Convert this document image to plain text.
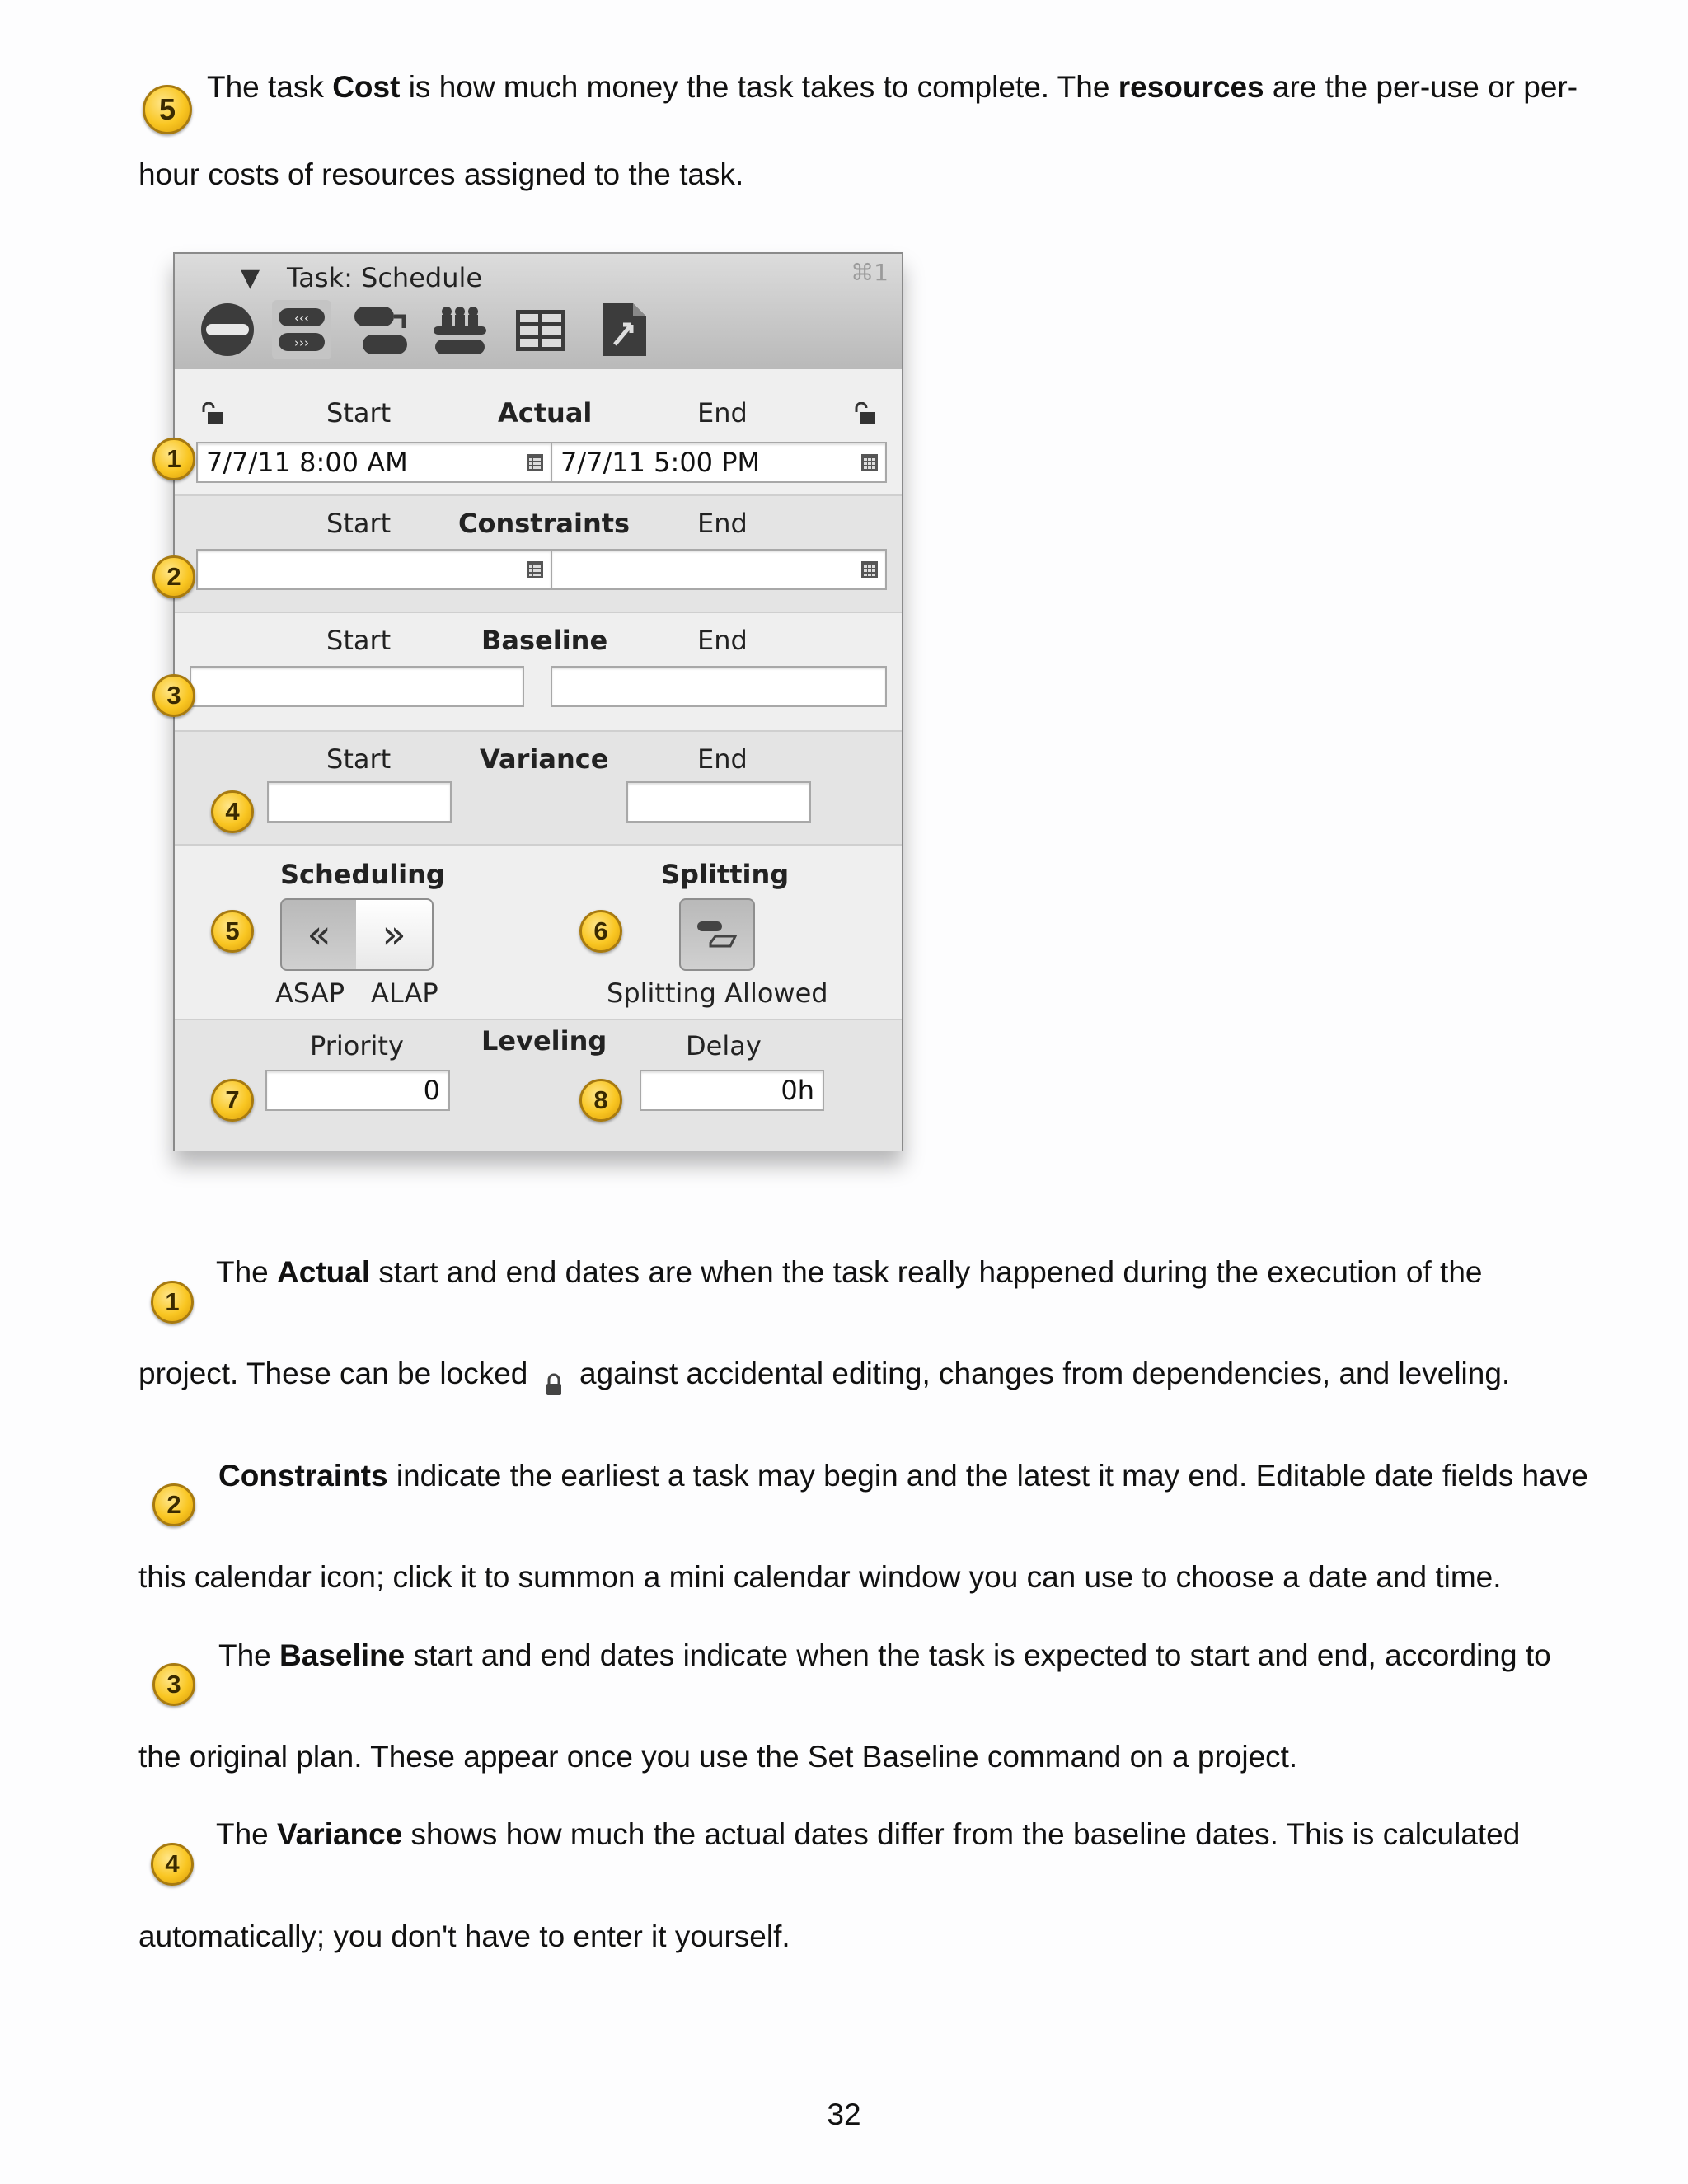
5
The task Cost is how much money the task takes to complete. The resources are the per-use or per-
hour costs of resources assigned to the task.
▼ Task: Schedule	⌘1
‹‹‹
›››
Start	Actual	End
7/7/11 8:00 AM	7/7/11 5:00 PM
Start	Constraints	End
Start	Baseline	End
Start	Variance	End
Scheduling
«	»
ASAP ALAP
Splitting
Splitting Allowed
Priority	Leveling	Delay
0	0h
1
2
3
4
5	6
7	8
1
The Actual start and end dates are when the task really happened during the execution of the
project. These can be locked  against accidental editing, changes from dependencies, and leveling.
2
Constraints indicate the earliest a task may begin and the latest it may end. Editable date fields have
this calendar icon; click it to summon a mini calendar window you can use to choose a date and time.
3
The Baseline start and end dates indicate when the task is expected to start and end, according to
the original plan. These appear once you use the Set Baseline command on a project.
4
The Variance shows how much the actual dates differ from the baseline dates. This is calculated
automatically; you don't have to enter it yourself.
32
